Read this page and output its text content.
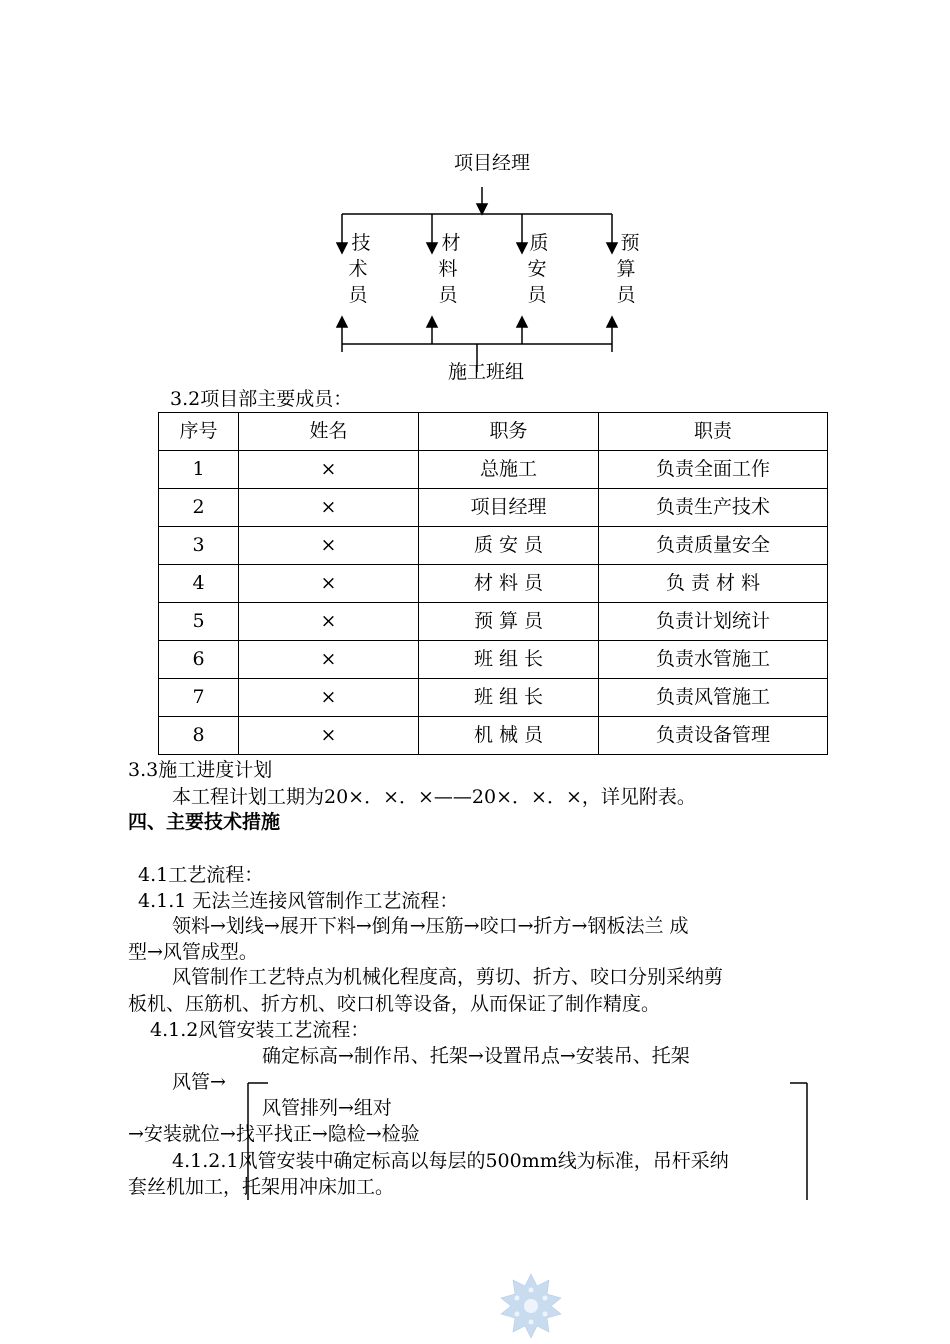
项目经理
技
术
员
材
料
员
质
安
员
预
算
员
施工班组
3.2项目部主要成员：
序号	姓名	职务	职责
1	×	总施工	负责全面工作
2	×	项目经理	负责生产技术
3	×	质 安 员	负责质量安全
4	×	材 料 员	负 责 材 料
5	×	预 算 员	负责计划统计
6	×	班 组 长	负责水管施工
7	×	班 组 长	负责风管施工
8	×	机 械 员	负责设备管理
3.3施工进度计划
本工程计划工期为20×．×．×——20×．×．×，详见附表。
四、主要技术措施
4.1工艺流程：
4.1.1 无法兰连接风管制作工艺流程：
领料→划线→展开下料→倒角→压筋→咬口→折方→钢板法兰 成
型→风管成型。
风管制作工艺特点为机械化程度高，剪切、折方、咬口分别采纳剪
板机、压筋机、折方机、咬口机等设备，从而保证了制作精度。
4.1.2风管安装工艺流程：
确定标高→制作吊、托架→设置吊点→安装吊、托架
风管→
风管排列→组对
→安装就位→找平找正→隐检→检验
4.1.2.1风管安装中确定标高以每层的500mm线为标准，吊杆采纳
套丝机加工，托架用冲床加工。
